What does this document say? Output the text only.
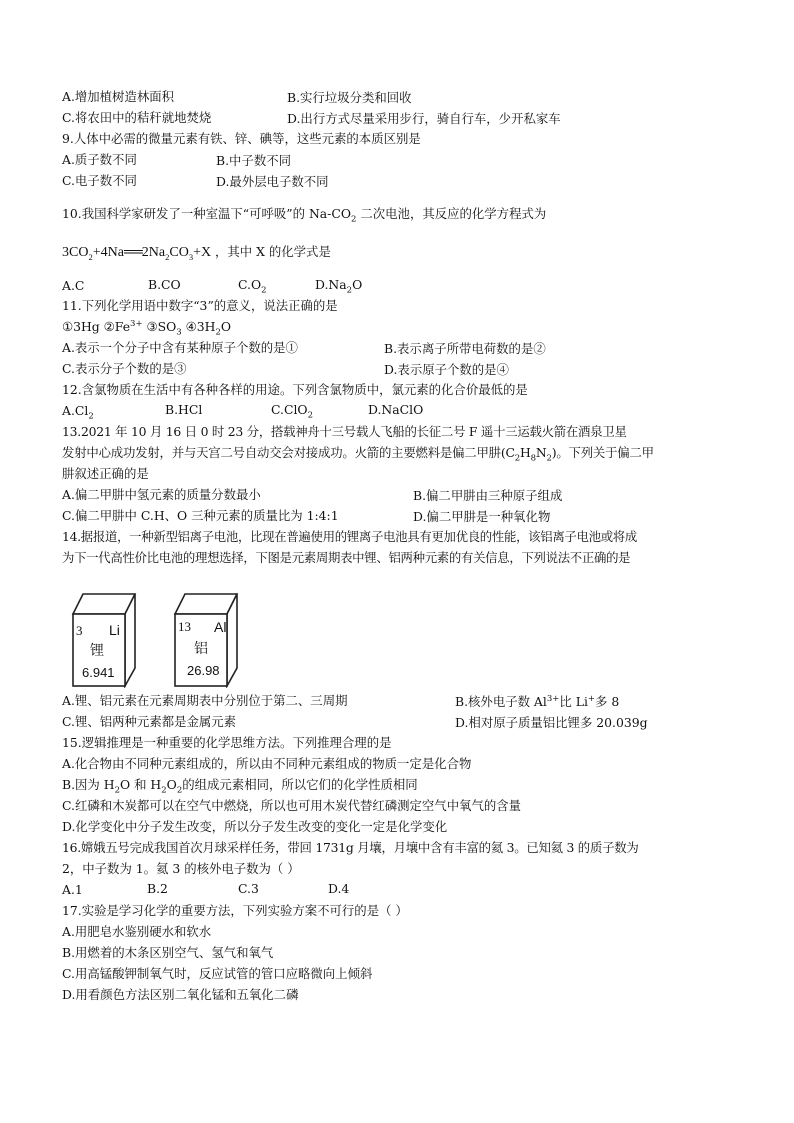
A.增加植树造林面积	B.实行垃圾分类和回收
C.将农田中的秸秆就地焚烧	D.出行方式尽量采用步行，骑自行车，少开私家车
9.人体中必需的微量元素有铁、锌、碘等，这些元素的本质区别是
A.质子数不同	B.中子数不同
C.电子数不同	D.最外层电子数不同
10.我国科学家研发了一种室温下“可呼吸”的 $Na-CO_2$ 二次电池，其反应的化学方程式为
$3CO_2+4Na══2Na_2CO_3+X$ ，其中 X 的化学式是
A.C	B.CO	$C.O_2$	$D.Na_2O$
11.下列化学用语中数字“3”的意义，说法正确的是
①3Hg $②Fe^{3+}$ $③SO_3$ $④3H_2O$
A.表示一个分子中含有某种原子个数的是①	B.表示离子所带电荷数的是②
C.表示分子个数的是③	D.表示原子个数的是④
12.含氯物质在生活中有各种各样的用途。下列含氯物质中，氯元素的化合价最低的是
$A.Cl_2$	B.HCl	C.ClO$_2$	D.NaClO
13.2021 年 10 月 16 日 0 时 23 分，搭载神舟十三号载人飞船的长征二号 F 遥十三运载火箭在酒泉卫星
发射中心成功发射，并与天宫二号自动交会对接成功。火箭的主要燃料是偏二甲肼$(C_2H_8N_2)$。下列关于偏二甲
肼叙述正确的是
A.偏二甲肼中氢元素的质量分数最小	B.偏二甲肼由三种原子组成
C.偏二甲肼中 C.H、O 三种元素的质量比为 1:4:1	D.偏二甲肼是一种氧化物
14.据报道，一种新型铝离子电池，比现在普遍使用的锂离子电池具有更加优良的性能，该铝离子电池或将成
为下一代高性价比电池的理想选择，下图是元素周期表中锂、铝两种元素的有关信息，下列说法不正确的是
3 Li
锂
6.941
13 Al
铝
26.98
A.锂、铝元素在元素周期表中分别位于第二、三周期	B.核外电子数 $Al^{3+}$比 Li+多 8
C.锂、铝两种元素都是金属元素	D.相对原子质量铝比锂多 20.039g
15.逻辑推理是一种重要的化学思维方法。下列推理合理的是
A.化合物由不同种元素组成的，所以由不同种元素组成的物质一定是化合物
B.因为 $H_2O$ 和 $H_2O_2$的组成元素相同，所以它们的化学性质相同
C.红磷和木炭都可以在空气中燃烧，所以也可用木炭代替红磷测定空气中氧气的含量
D.化学变化中分子发生改变，所以分子发生改变的变化一定是化学变化
16.嫦娥五号完成我国首次月球采样任务，带回 1731g 月壤，月壤中含有丰富的氦 3。已知氦 3 的质子数为
2，中子数为 1。氦 3 的核外电子数为（ ）
A.1	B.2	C.3	D.4
17.实验是学习化学的重要方法，下列实验方案不可行的是（ ）
A.用肥皂水鉴别硬水和软水
B.用燃着的木条区别空气、氢气和氧气
C.用高锰酸钾制氧气时，反应试管的管口应略微向上倾斜
D.用看颜色方法区别二氧化锰和五氧化二磷
